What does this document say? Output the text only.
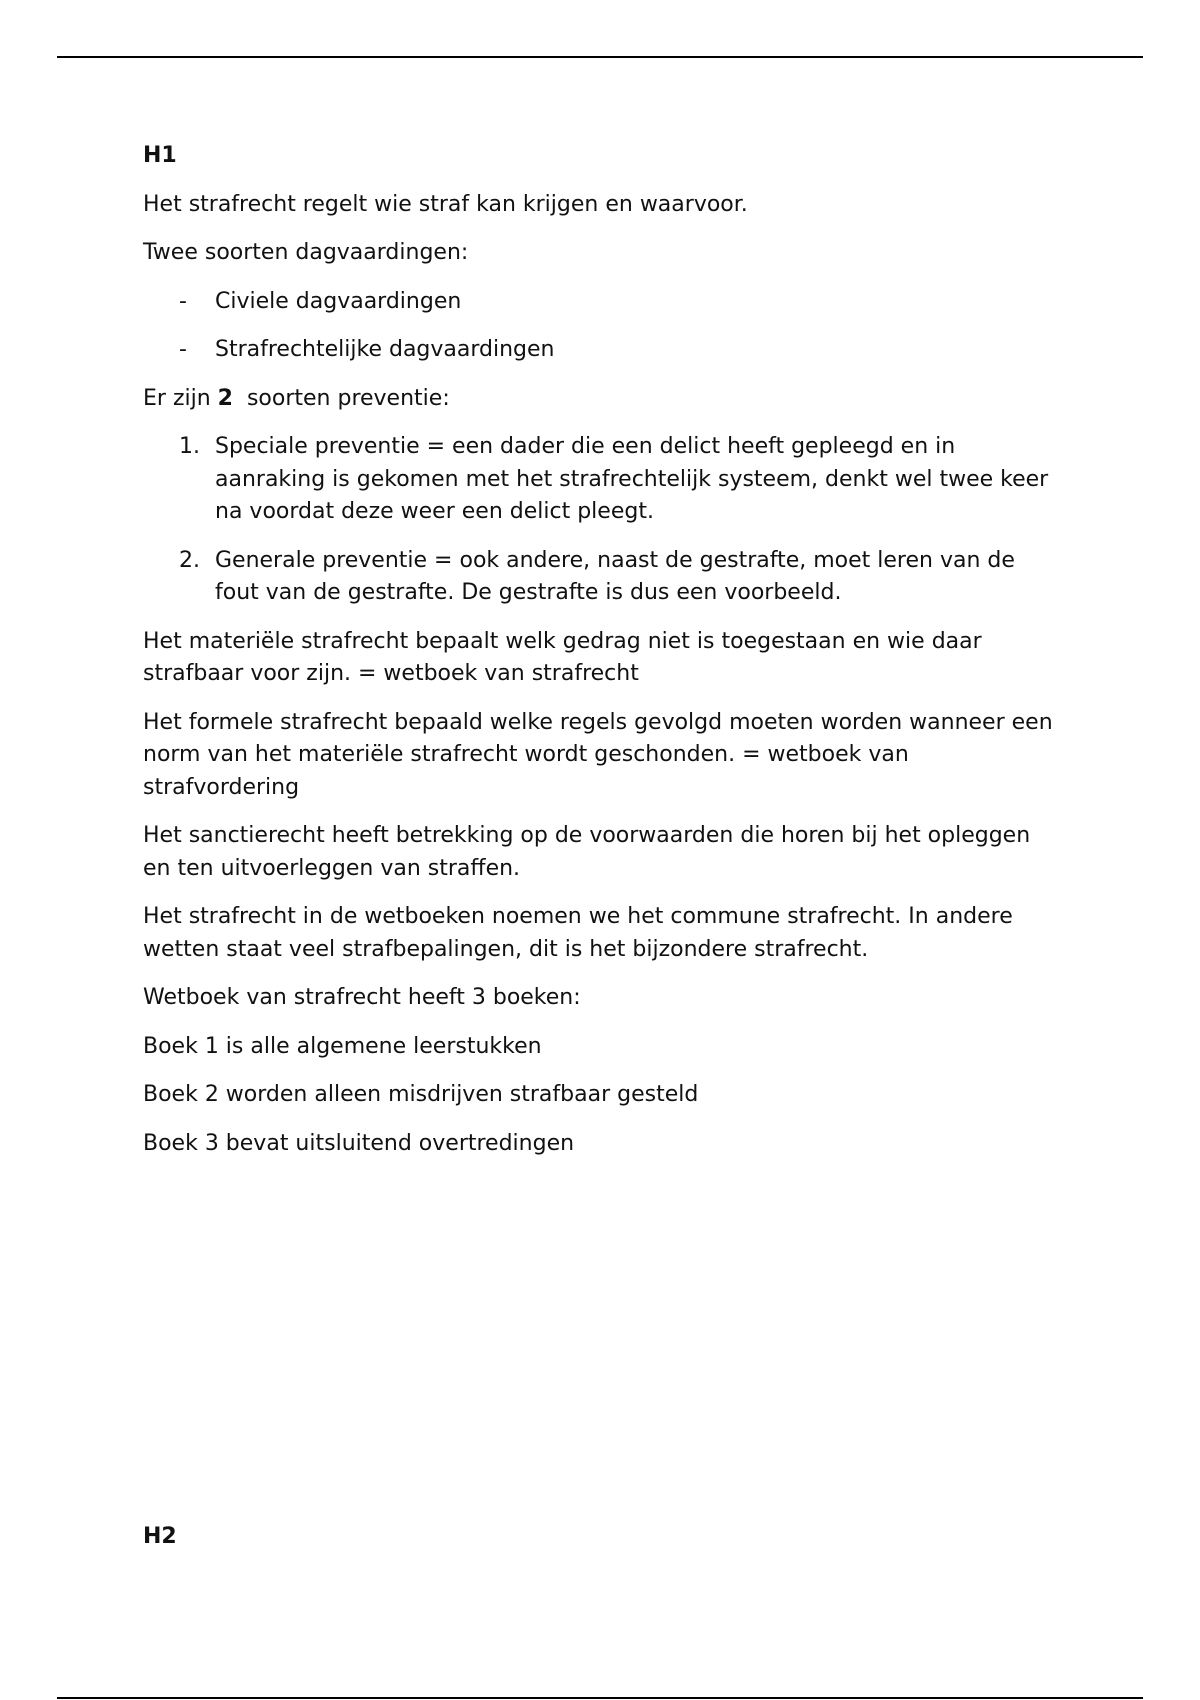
H1

Het strafrecht regelt wie straf kan krijgen en waarvoor.

Twee soorten dagvaardingen:

-	Civiele dagvaardingen
-	Strafrechtelijke dagvaardingen

Er zijn 2  soorten preventie:

1. Speciale preventie = een dader die een delict heeft gepleegd en in aanraking is gekomen met het strafrechtelijk systeem, denkt wel twee keer na voordat deze weer een delict pleegt.
2. Generale preventie = ook andere, naast de gestrafte, moet leren van de fout van de gestrafte. De gestrafte is dus een voorbeeld.

Het materiële strafrecht bepaalt welk gedrag niet is toegestaan en wie daar strafbaar voor zijn. = wetboek van strafrecht

Het formele strafrecht bepaald welke regels gevolgd moeten worden wanneer een norm van het materiële strafrecht wordt geschonden. = wetboek van strafvordering

Het sanctierecht heeft betrekking op de voorwaarden die horen bij het opleggen en ten uitvoerleggen van straffen.

Het strafrecht in de wetboeken noemen we het commune strafrecht. In andere wetten staat veel strafbepalingen, dit is het bijzondere strafrecht.

Wetboek van strafrecht heeft 3 boeken:

Boek 1 is alle algemene leerstukken

Boek 2 worden alleen misdrijven strafbaar gesteld

Boek 3 bevat uitsluitend overtredingen

H2
